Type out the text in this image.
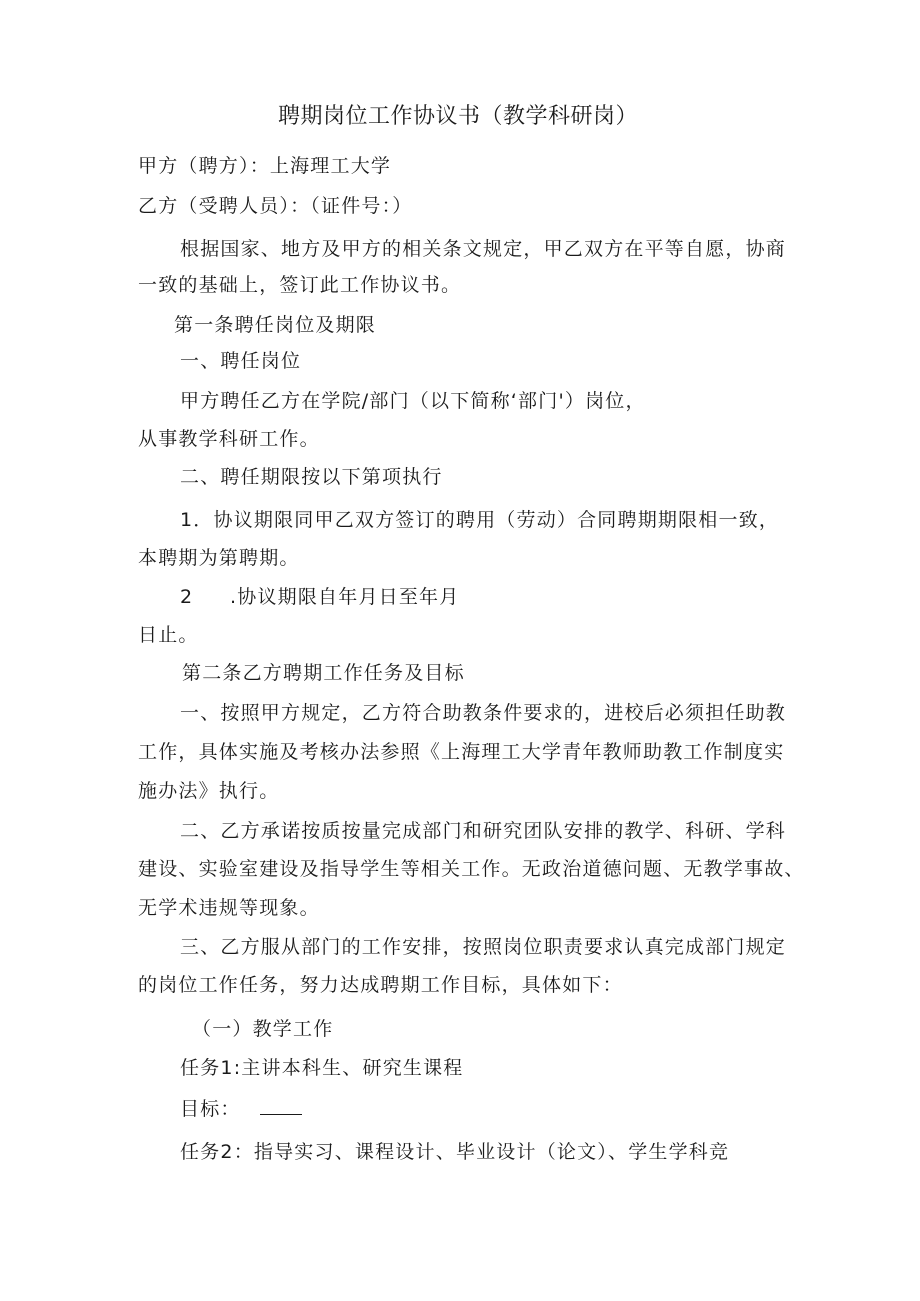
聘期岗位工作协议书（教学科研岗）
甲方（聘方）：上海理工大学
乙方（受聘人员）：（证件号：）
根据国家、地方及甲方的相关条文规定，甲乙双方在平等自愿，协商
一致的基础上，签订此工作协议书。
第一条聘任岗位及期限
一、聘任岗位
甲方聘任乙方在学院/部门（以下简称‘部门'）岗位，
从事教学科研工作。
二、聘任期限按以下第项执行
1．协议期限同甲乙双方签订的聘用（劳动）合同聘期期限相一致，
本聘期为第聘期。
2 .协议期限自年月日至年月
日止。
第二条乙方聘期工作任务及目标
一、按照甲方规定，乙方符合助教条件要求的，进校后必须担任助教
工作，具体实施及考核办法参照《上海理工大学青年教师助教工作制度实
施办法》执行。
二、乙方承诺按质按量完成部门和研究团队安排的教学、科研、学科
建设、实验室建设及指导学生等相关工作。无政治道德问题、无教学事故、
无学术违规等现象。
三、乙方服从部门的工作安排，按照岗位职责要求认真完成部门规定
的岗位工作任务，努力达成聘期工作目标，具体如下：
（一）教学工作
任务1:主讲本科生、研究生课程
目标：
任务2：指导实习、课程设计、毕业设计（论文）、学生学科竞
